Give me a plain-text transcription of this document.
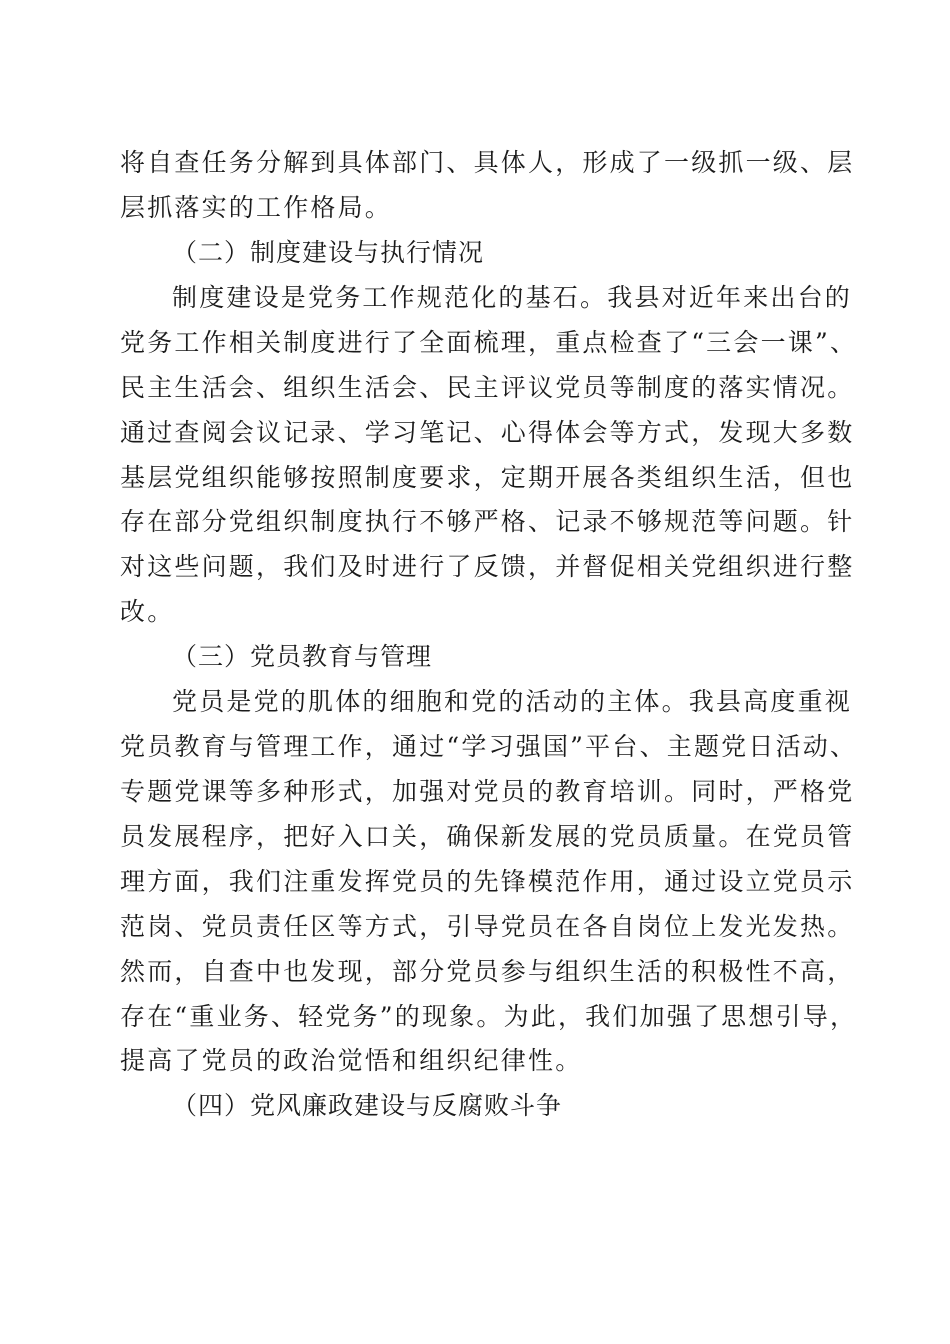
将自查任务分解到具体部门、具体人，形成了一级抓一级、层
层抓落实的工作格局。
（二）制度建设与执行情况
制度建设是党务工作规范化的基石。我县对近年来出台的
党务工作相关制度进行了全面梳理，重点检查了“三会一课”、
民主生活会、组织生活会、民主评议党员等制度的落实情况。
通过查阅会议记录、学习笔记、心得体会等方式，发现大多数
基层党组织能够按照制度要求，定期开展各类组织生活，但也
存在部分党组织制度执行不够严格、记录不够规范等问题。针
对这些问题，我们及时进行了反馈，并督促相关党组织进行整
改。
（三）党员教育与管理
党员是党的肌体的细胞和党的活动的主体。我县高度重视
党员教育与管理工作，通过“学习强国”平台、主题党日活动、
专题党课等多种形式，加强对党员的教育培训。同时，严格党
员发展程序，把好入口关，确保新发展的党员质量。在党员管
理方面，我们注重发挥党员的先锋模范作用，通过设立党员示
范岗、党员责任区等方式，引导党员在各自岗位上发光发热。
然而，自查中也发现，部分党员参与组织生活的积极性不高，
存在“重业务、轻党务”的现象。为此，我们加强了思想引导，
提高了党员的政治觉悟和组织纪律性。
（四）党风廉政建设与反腐败斗争
